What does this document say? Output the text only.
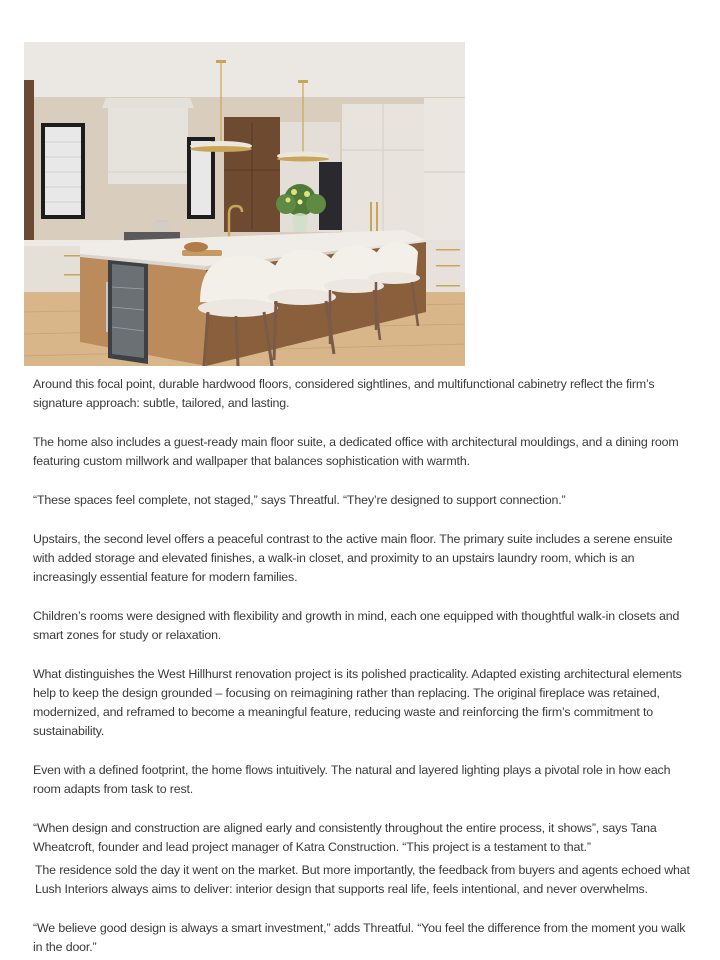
Around this focal point, durable hardwood floors, considered sightlines, and multifunctional cabinetry reflect the firm’s signature approach: subtle, tailored, and lasting.

The home also includes a guest-ready main floor suite, a dedicated office with architectural mouldings, and a dining room featuring custom millwork and wallpaper that balances sophistication with warmth.

“These spaces feel complete, not staged,” says Threatful. “They’re designed to support connection.”

Upstairs, the second level offers a peaceful contrast to the active main floor. The primary suite includes a serene ensuite with added storage and elevated finishes, a walk-in closet, and proximity to an upstairs laundry room, which is an increasingly essential feature for modern families.

Children’s rooms were designed with flexibility and growth in mind, each one equipped with thoughtful walk-in closets and smart zones for study or relaxation.

What distinguishes the West Hillhurst renovation project is its polished practicality. Adapted existing architectural elements help to keep the design grounded – focusing on reimagining rather than replacing. The original fireplace was retained, modernized, and reframed to become a meaningful feature, reducing waste and reinforcing the firm’s commitment to sustainability.

Even with a defined footprint, the home flows intuitively. The natural and layered lighting plays a pivotal role in how each room adapts from task to rest.

“When design and construction are aligned early and consistently throughout the entire process, it shows”, says Tana Wheatcroft, founder and lead project manager of Katra Construction. “This project is a testament to that.”

The residence sold the day it went on the market. But more importantly, the feedback from buyers and agents echoed what Lush Interiors always aims to deliver: interior design that supports real life, feels intentional, and never overwhelms.

“We believe good design is always a smart investment,” adds Threatful. “You feel the difference from the moment you walk in the door.”
